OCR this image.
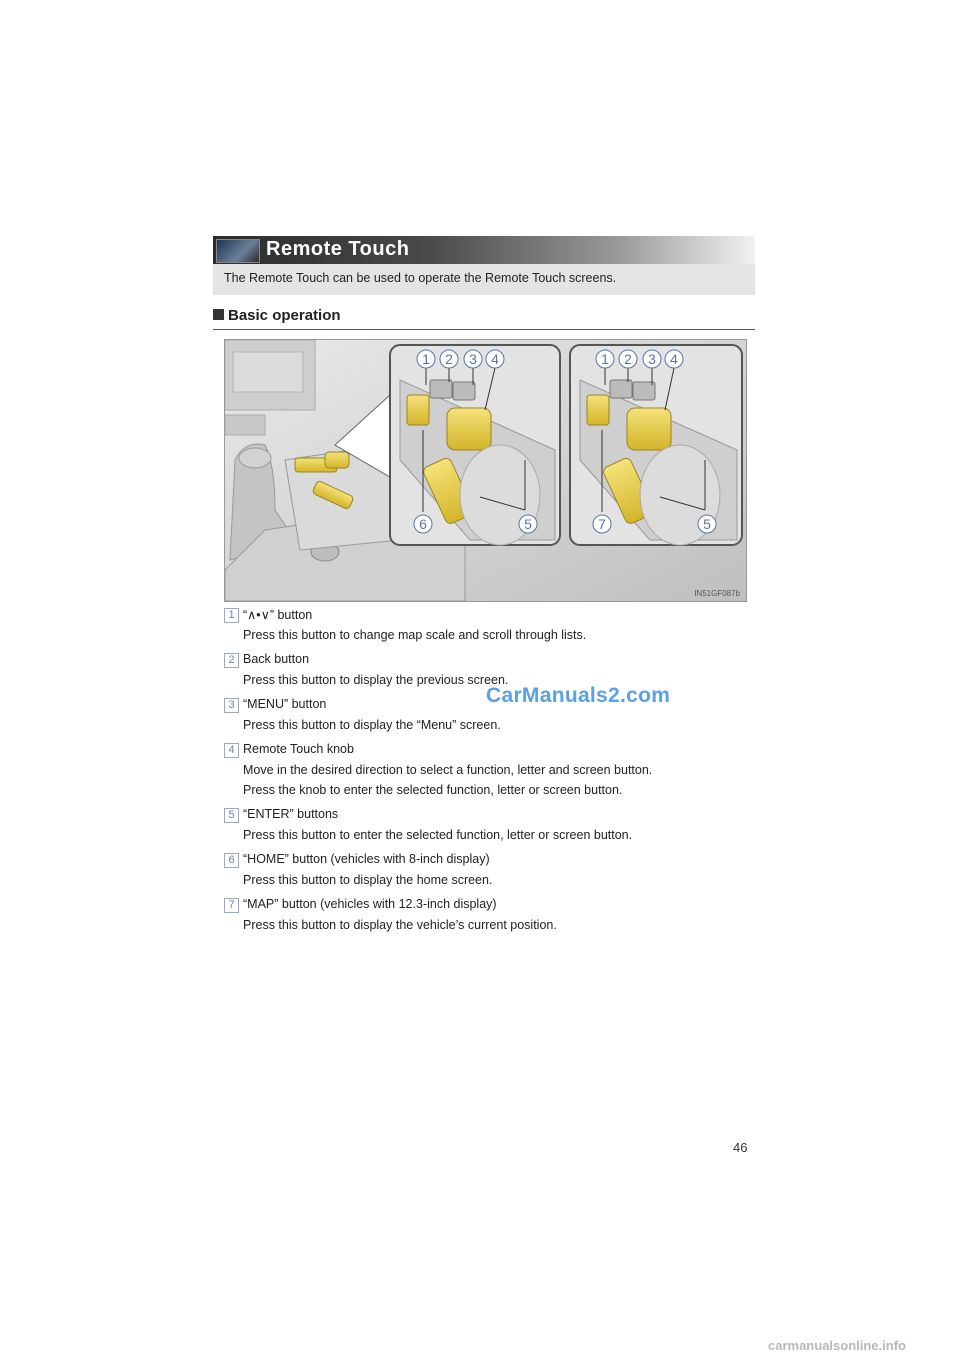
Remote Touch
The Remote Touch can be used to operate the Remote Touch screens.
Basic operation
1 2 3 4
5
6
1 2 3 4
5
7
IN51GF087b
1 “∧•∨” button
Press this button to change map scale and scroll through lists.
2 Back button
Press this button to display the previous screen.
3 “MENU” button
Press this button to display the “Menu” screen.
4 Remote Touch knob
Move in the desired direction to select a function, letter and screen button.
Press the knob to enter the selected function, letter or screen button.
5 “ENTER” buttons
Press this button to enter the selected function, letter or screen button.
6 “HOME” button (vehicles with 8-inch display)
Press this button to display the home screen.
7 “MAP” button (vehicles with 12.3-inch display)
Press this button to display the vehicle’s current position.
CarManuals2.com
46
carmanualsonline.info
